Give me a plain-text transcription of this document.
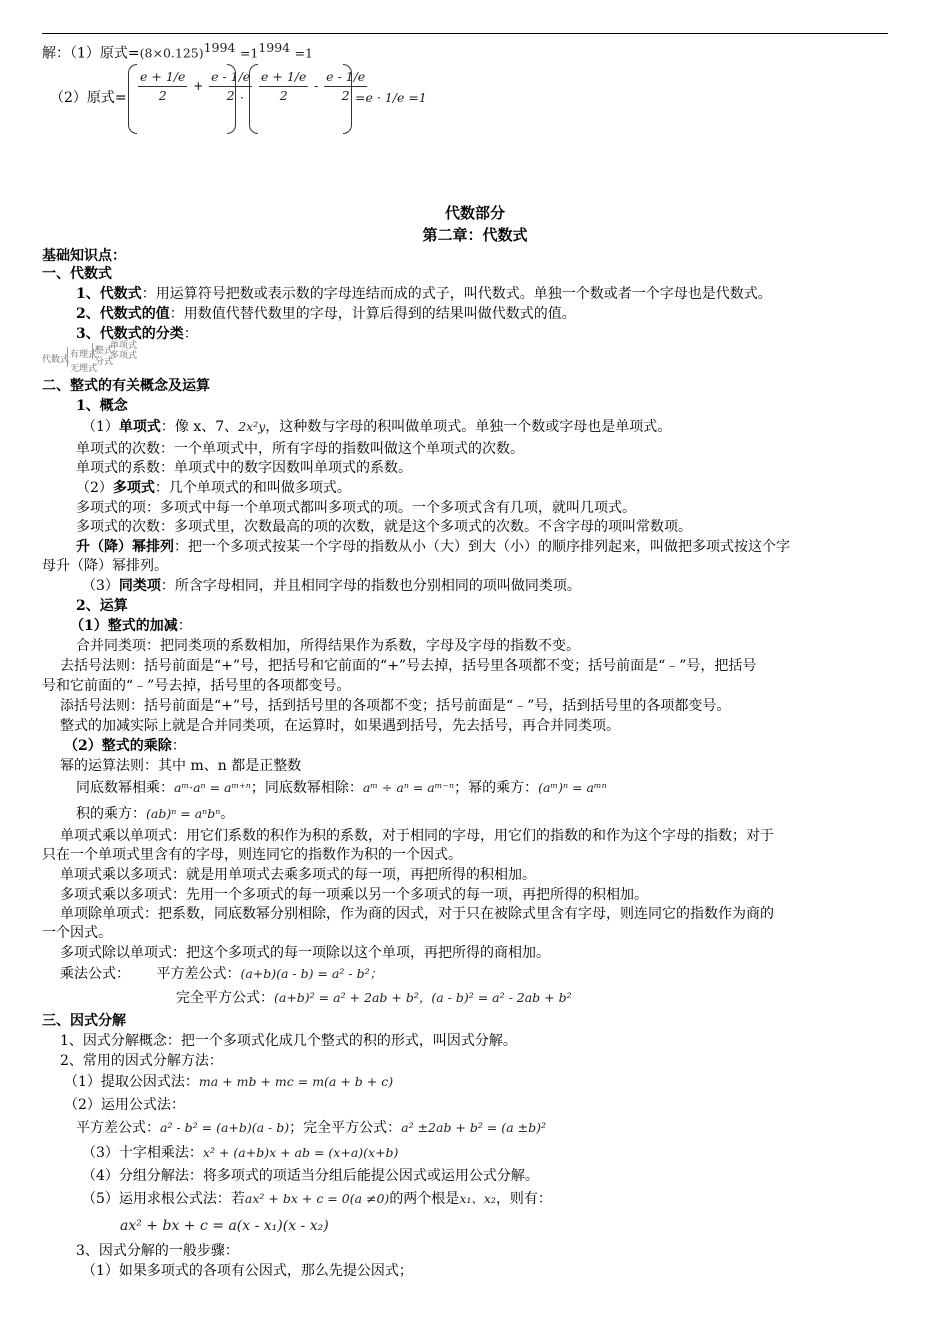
解：（1）原式$=(8\times 0.125)^{1994} =1^{1994} =1$
（2）原式= $\frac{e + 1/e}{2} + \frac{e - 1/e}{2}$
· $\frac{e + 1/e}{2} - \frac{e - 1/e}{2}$
=e · 1/e =1
代数部分
第二章：代数式
基础知识点：
一、代数式
1、代数式：用运算符号把数或表示数的字母连结而成的式子，叫代数式。单独一个数或者一个字母也是代数式。
2、代数式的值：用数值代替代数里的字母，计算后得到的结果叫做代数式的值。
3、代数式的分类：
代数式 有理式
无理式
整式
分式
单项式
多项式
二、整式的有关概念及运算
1、概念
（1）单项式：像 x、7、2x²y，这种数与字母的积叫做单项式。单独一个数或字母也是单项式。
单项式的次数：一个单项式中，所有字母的指数叫做这个单项式的次数。
单项式的系数：单项式中的数字因数叫单项式的系数。
（2）多项式：几个单项式的和叫做多项式。
多项式的项：多项式中每一个单项式都叫多项式的项。一个多项式含有几项，就叫几项式。
多项式的次数：多项式里，次数最高的项的次数，就是这个多项式的次数。不含字母的项叫常数项。
升（降）幂排列：把一个多项式按某一个字母的指数从小（大）到大（小）的顺序排列起来，叫做把多项式按这个字
母升（降）幂排列。
（3）同类项：所含字母相同，并且相同字母的指数也分别相同的项叫做同类项。
2、运算
（1）整式的加减：
合并同类项：把同类项的系数相加，所得结果作为系数，字母及字母的指数不变。
去括号法则：括号前面是“+”号，把括号和它前面的“+”号去掉，括号里各项都不变；括号前面是“﹣”号，把括号
号和它前面的“﹣”号去掉，括号里的各项都变号。
添括号法则：括号前面是“+”号，括到括号里的各项都不变；括号前面是“﹣”号，括到括号里的各项都变号。
整式的加减实际上就是合并同类项，在运算时，如果遇到括号，先去括号，再合并同类项。
（2）整式的乘除：
幂的运算法则：其中 m、n 都是正整数
同底数幂相乘：aᵐ·aⁿ = aᵐ⁺ⁿ；同底数幂相除：aᵐ ÷ aⁿ = aᵐ⁻ⁿ；幂的乘方：(aᵐ)ⁿ = aᵐⁿ
积的乘方：(ab)ⁿ = aⁿbⁿ。
单项式乘以单项式：用它们系数的积作为积的系数，对于相同的字母，用它们的指数的和作为这个字母的指数；对于
只在一个单项式里含有的字母，则连同它的指数作为积的一个因式。
单项式乘以多项式：就是用单项式去乘多项式的每一项，再把所得的积相加。
多项式乘以多项式：先用一个多项式的每一项乘以另一个多项式的每一项，再把所得的积相加。
单项除单项式：把系数，同底数幂分别相除，作为商的因式，对于只在被除式里含有字母，则连同它的指数作为商的
一个因式。
多项式除以单项式：把这个多项式的每一项除以这个单项，再把所得的商相加。
乘法公式： 平方差公式：(a+b)(a - b) = a² - b²；
完全平方公式：(a+b)² = a² + 2ab + b²，(a - b)² = a² - 2ab + b²
三、因式分解
1、因式分解概念：把一个多项式化成几个整式的积的形式，叫因式分解。
2、常用的因式分解方法：
（1）提取公因式法：ma + mb + mc = m(a + b + c)
（2）运用公式法：
平方差公式：a² - b² = (a+b)(a - b)；完全平方公式：a² ±2ab + b² = (a ±b)²
（3）十字相乘法：x² + (a+b)x + ab = (x+a)(x+b)
（4）分组分解法：将多项式的项适当分组后能提公因式或运用公式分解。
（5）运用求根公式法：若ax² + bx + c = 0(a ≠0)的两个根是x₁、x₂，则有：
ax² + bx + c = a(x - x₁)(x - x₂)
3、因式分解的一般步骤：
（1）如果多项式的各项有公因式，那么先提公因式；
